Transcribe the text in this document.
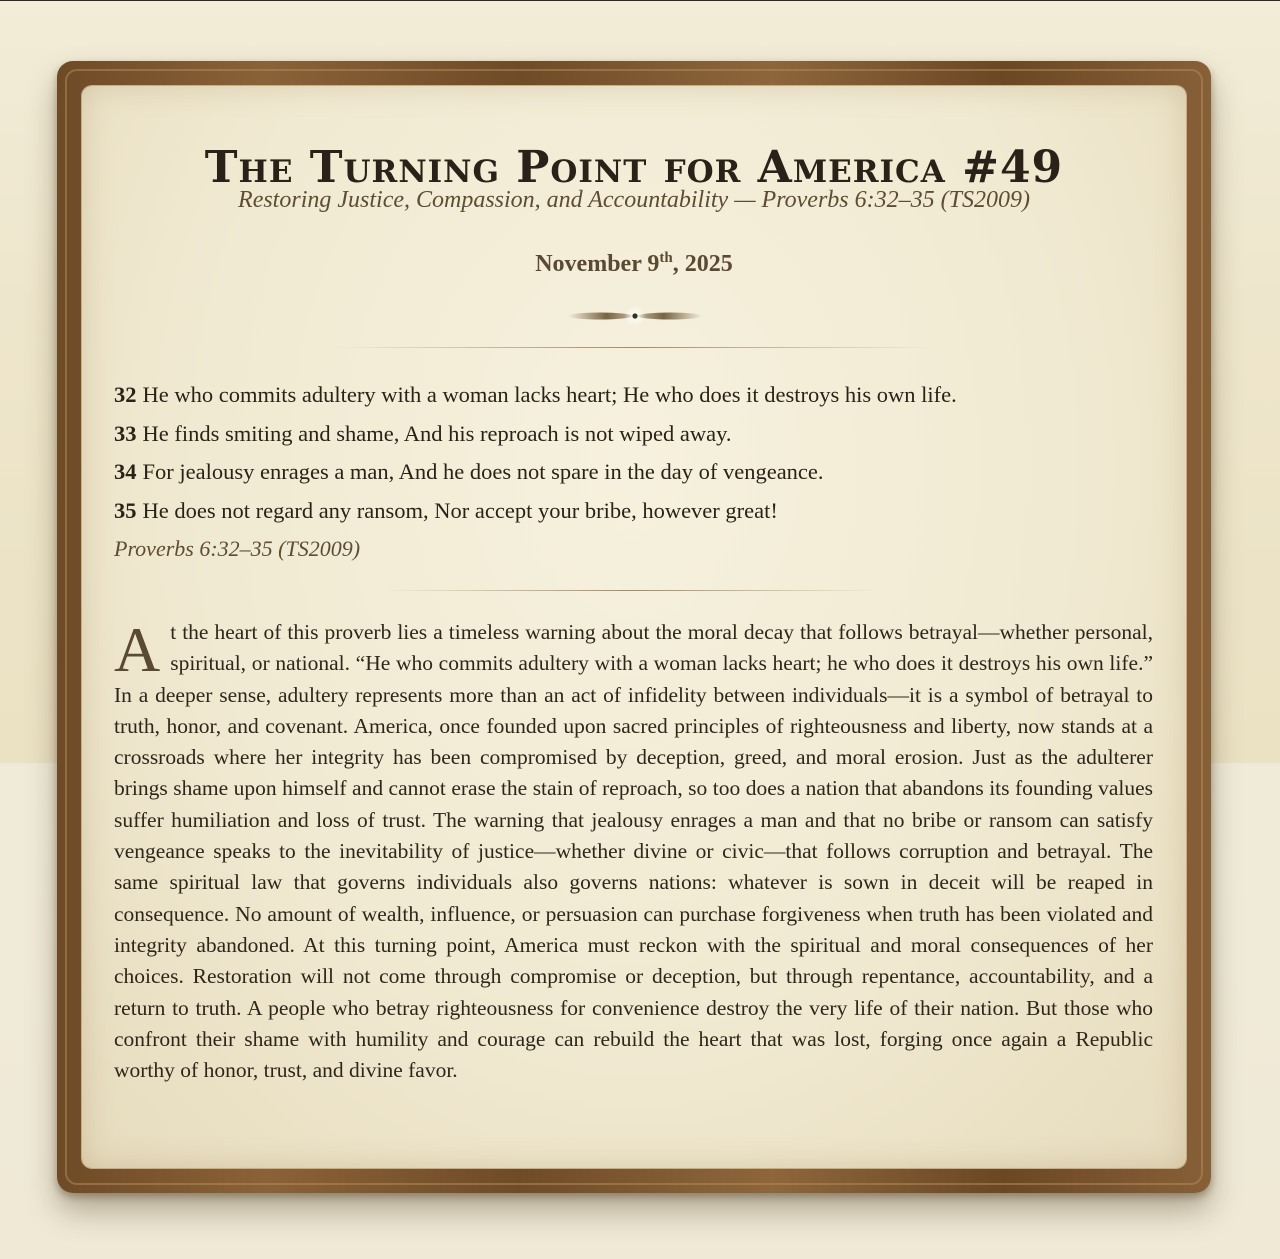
The Turning Point for America #49

Restoring Justice, Compassion, and Accountability — Proverbs 6:32–35 (TS2009)

November 9th, 2025

32 He who commits adultery with a woman lacks heart; He who does it destroys his own life.
33 He finds smiting and shame, And his reproach is not wiped away.
34 For jealousy enrages a man, And he does not spare in the day of vengeance.
35 He does not regard any ransom, Nor accept your bribe, however great!
Proverbs 6:32–35 (TS2009)

At the heart of this proverb lies a timeless warning about the moral decay that follows betrayal—whether personal, spiritual, or national. “He who commits adultery with a woman lacks heart; he who does it destroys his own life.” In a deeper sense, adultery represents more than an act of infidelity between individuals—it is a symbol of betrayal to truth, honor, and covenant. America, once founded upon sacred principles of righteousness and liberty, now stands at a crossroads where her integrity has been compromised by deception, greed, and moral erosion. Just as the adulterer brings shame upon himself and cannot erase the stain of reproach, so too does a nation that abandons its founding values suffer humiliation and loss of trust. The warning that jealousy enrages a man and that no bribe or ransom can satisfy vengeance speaks to the inevitability of justice—whether divine or civic—that follows corruption and betrayal. The same spiritual law that governs individuals also governs nations: whatever is sown in deceit will be reaped in consequence. No amount of wealth, influence, or persuasion can purchase forgiveness when truth has been violated and integrity abandoned. At this turning point, America must reckon with the spiritual and moral consequences of her choices. Restoration will not come through compromise or deception, but through repentance, accountability, and a return to truth. A people who betray righteousness for convenience destroy the very life of their nation. But those who confront their shame with humility and courage can rebuild the heart that was lost, forging once again a Republic worthy of honor, trust, and divine favor.
